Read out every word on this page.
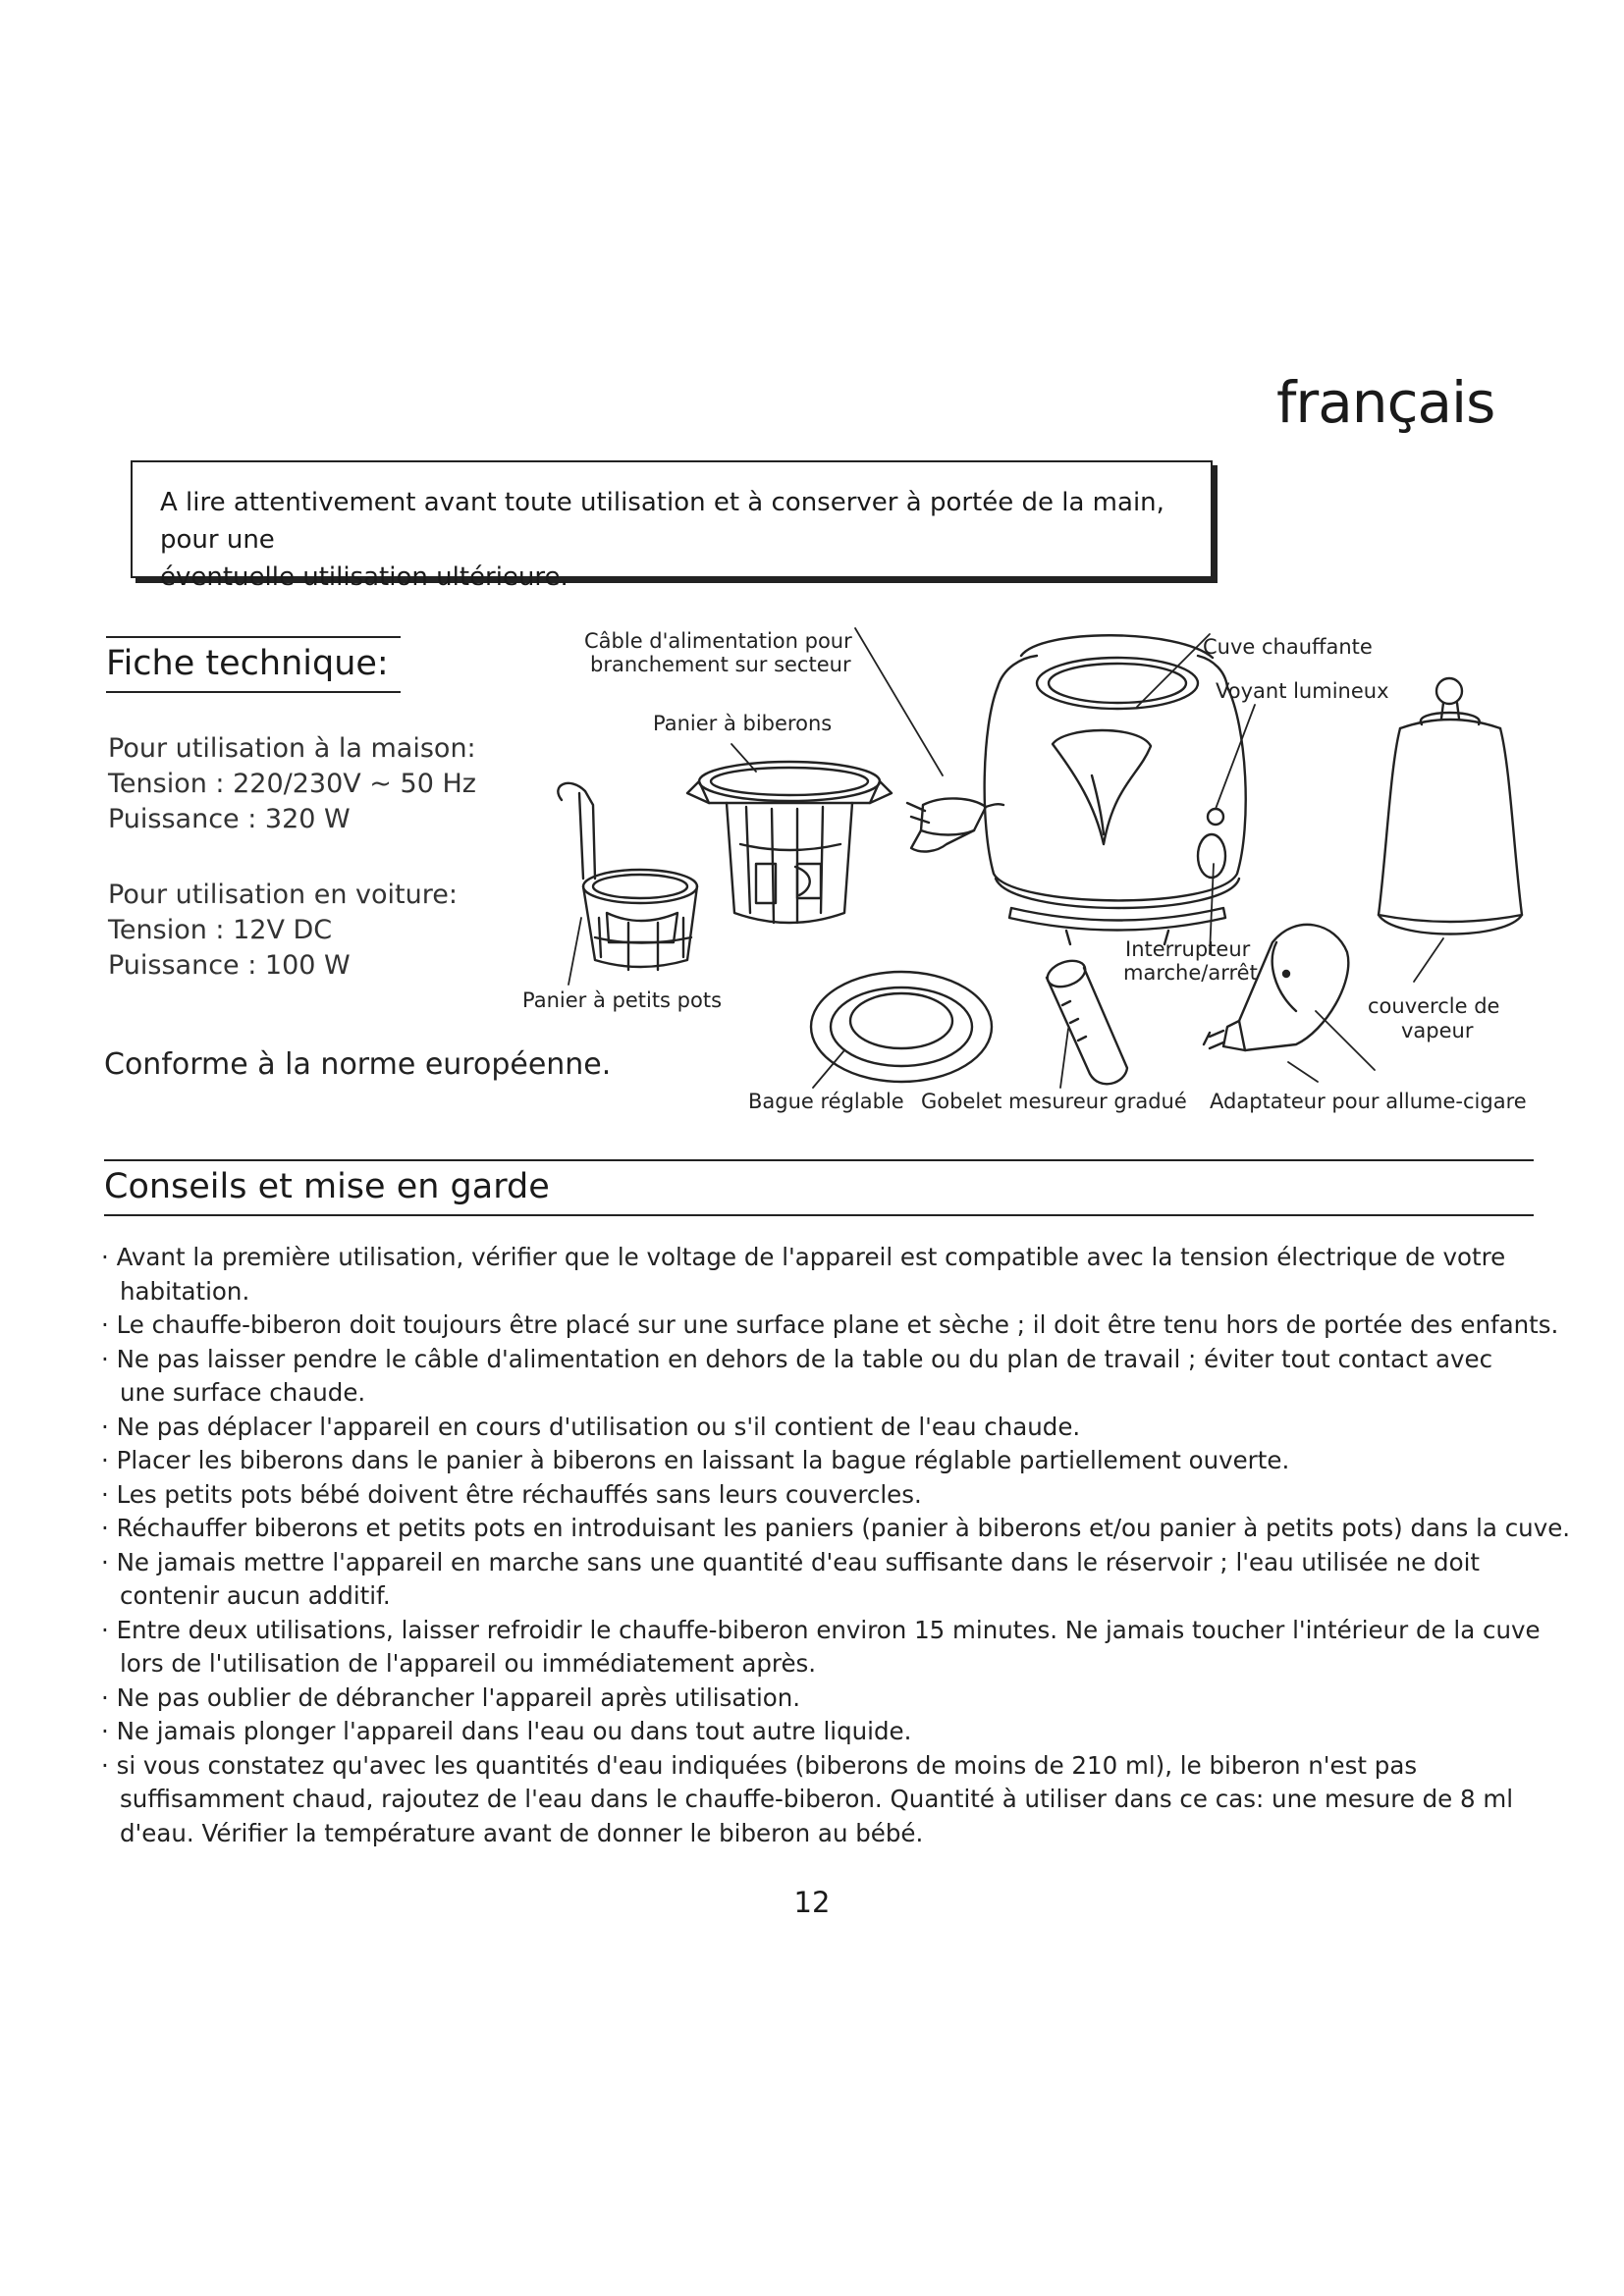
français
A lire attentivement avant toute utilisation et à conserver à portée de la main, pour une
éventuelle utilisation ultérieure.
Fiche technique:
Pour utilisation à la maison:
Tension : 220/230V ~ 50 Hz
Puissance : 320 W
Pour utilisation en voiture:
Tension : 12V DC
Puissance : 100 W
Conforme à la norme européenne.
Câble d'alimentation pour
branchement sur secteur
Panier à biberons
Panier à petits pots
Cuve chauffante
Voyant lumineux
Interrupteur
marche/arrêt
couvercle de
vapeur
Bague réglable Gobelet mesureur gradué Adaptateur pour allume-cigare
Conseils et mise en garde
· Avant la première utilisation, vérifier que le voltage de l'appareil est compatible avec la tension électrique de votre habitation.
· Le chauffe-biberon doit toujours être placé sur une surface plane et sèche ; il doit être tenu hors de portée des enfants.
· Ne pas laisser pendre le câble d'alimentation en dehors de la table ou du plan de travail ; éviter tout contact avec une surface chaude.
· Ne pas déplacer l'appareil en cours d'utilisation ou s'il contient de l'eau chaude.
· Placer les biberons dans le panier à biberons en laissant la bague réglable partiellement ouverte.
· Les petits pots bébé doivent être réchauffés sans leurs couvercles.
· Réchauffer biberons et petits pots en introduisant les paniers (panier à biberons et/ou panier à petits pots) dans la cuve.
· Ne jamais mettre l'appareil en marche sans une quantité d'eau suffisante dans le réservoir ; l'eau utilisée ne doit contenir aucun additif.
· Entre deux utilisations, laisser refroidir le chauffe-biberon environ 15 minutes. Ne jamais toucher l'intérieur de la cuve lors de l'utilisation de l'appareil ou immédiatement après.
· Ne pas oublier de débrancher l'appareil après utilisation.
· Ne jamais plonger l'appareil dans l'eau ou dans tout autre liquide.
· si vous constatez qu'avec les quantités d'eau indiquées (biberons de moins de 210 ml), le biberon n'est pas suffisamment chaud, rajoutez de l'eau dans le chauffe-biberon. Quantité à utiliser dans ce cas: une mesure de 8 ml d'eau. Vérifier la température avant de donner le biberon au bébé.
12
